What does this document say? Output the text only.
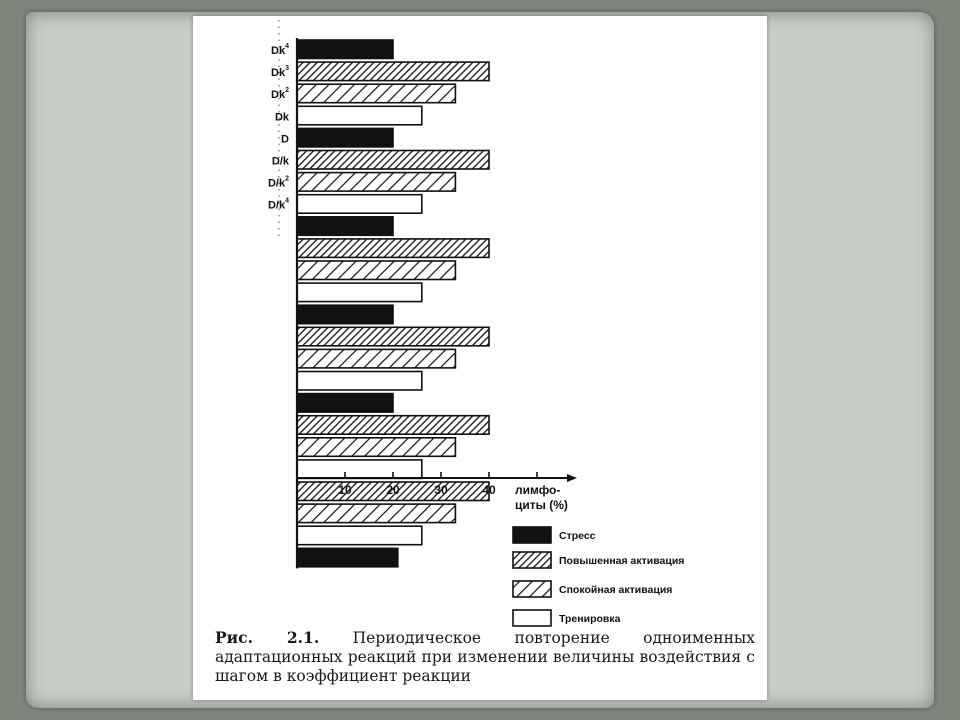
Dk$^4$
Dk$^3$
Dk$^2$
Dk
D
D/k
$D/k^2$
$D/k^4$
10	20	30	40 лимфо-
циты (%)
Стресс
Повышенная активация
Спокойная активация
Тренировка
Рис. 2.1. Периодическое повторение одноименных адаптационных реакций при изменении величины воздействия с шагом в коэффициент реакции
